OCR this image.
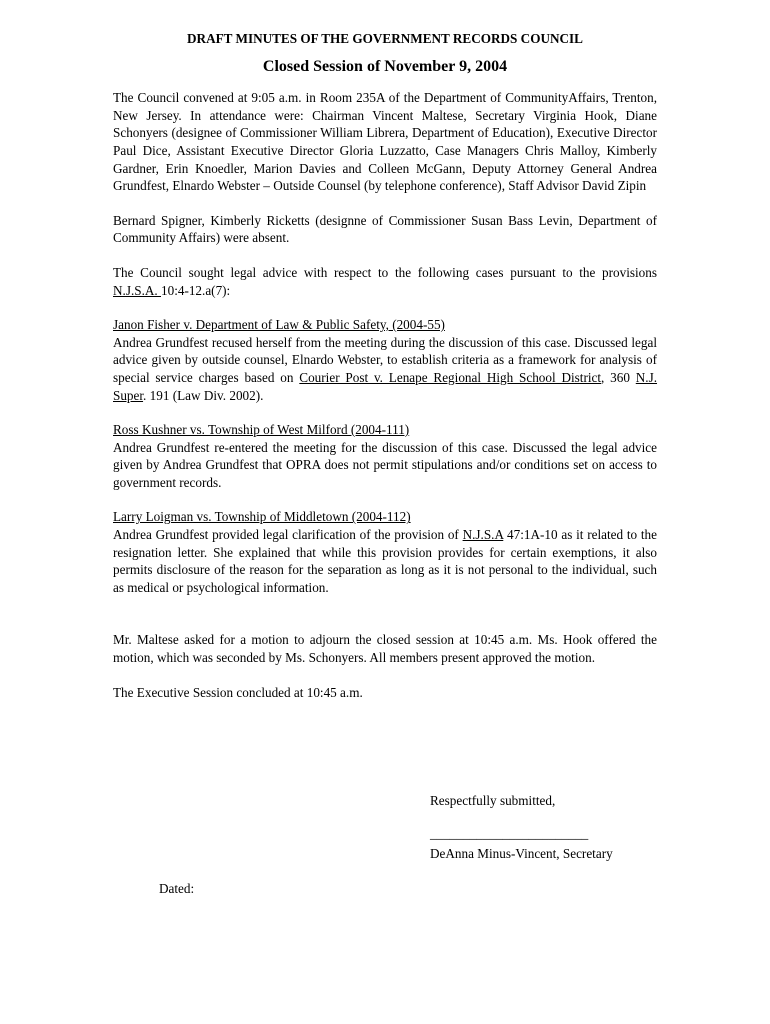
DRAFT MINUTES OF THE GOVERNMENT RECORDS COUNCIL
Closed Session of November 9, 2004

The Council convened at 9:05 a.m. in Room 235A of the Department of CommunityAffairs, Trenton, New Jersey. In attendance were: Chairman Vincent Maltese, Secretary Virginia Hook, Diane Schonyers (designee of Commissioner William Librera, Department of Education), Executive Director Paul Dice, Assistant Executive Director Gloria Luzzatto, Case Managers Chris Malloy, Kimberly Gardner, Erin Knoedler, Marion Davies and Colleen McGann, Deputy Attorney General Andrea Grundfest, Elnardo Webster – Outside Counsel (by telephone conference), Staff Advisor David Zipin

Bernard Spigner, Kimberly Ricketts (designne of Commissioner Susan Bass Levin, Department of Community Affairs) were absent.

The Council sought legal advice with respect to the following cases pursuant to the provisions N.J.S.A. 10:4-12.a(7):

Janon Fisher v. Department of Law & Public Safety, (2004-55)
Andrea Grundfest recused herself from the meeting during the discussion of this case. Discussed legal advice given by outside counsel, Elnardo Webster, to establish criteria as a framework for analysis of special service charges based on Courier Post v. Lenape Regional High School District, 360 N.J. Super. 191 (Law Div. 2002).

Ross Kushner vs. Township of West Milford (2004-111)
Andrea Grundfest re-entered the meeting for the discussion of this case. Discussed the legal advice given by Andrea Grundfest that OPRA does not permit stipulations and/or conditions set on access to government records.

Larry Loigman vs. Township of Middletown (2004-112)
Andrea Grundfest provided legal clarification of the provision of N.J.S.A 47:1A-10 as it related to the resignation letter. She explained that while this provision provides for certain exemptions, it also permits disclosure of the reason for the separation as long as it is not personal to the individual, such as medical or psychological information.

Mr. Maltese asked for a motion to adjourn the closed session at 10:45 a.m. Ms. Hook offered the motion, which was seconded by Ms. Schonyers. All members present approved the motion.

The Executive Session concluded at 10:45 a.m.

Respectfully submitted,
________________________
DeAnna Minus-Vincent, Secretary
Dated:
